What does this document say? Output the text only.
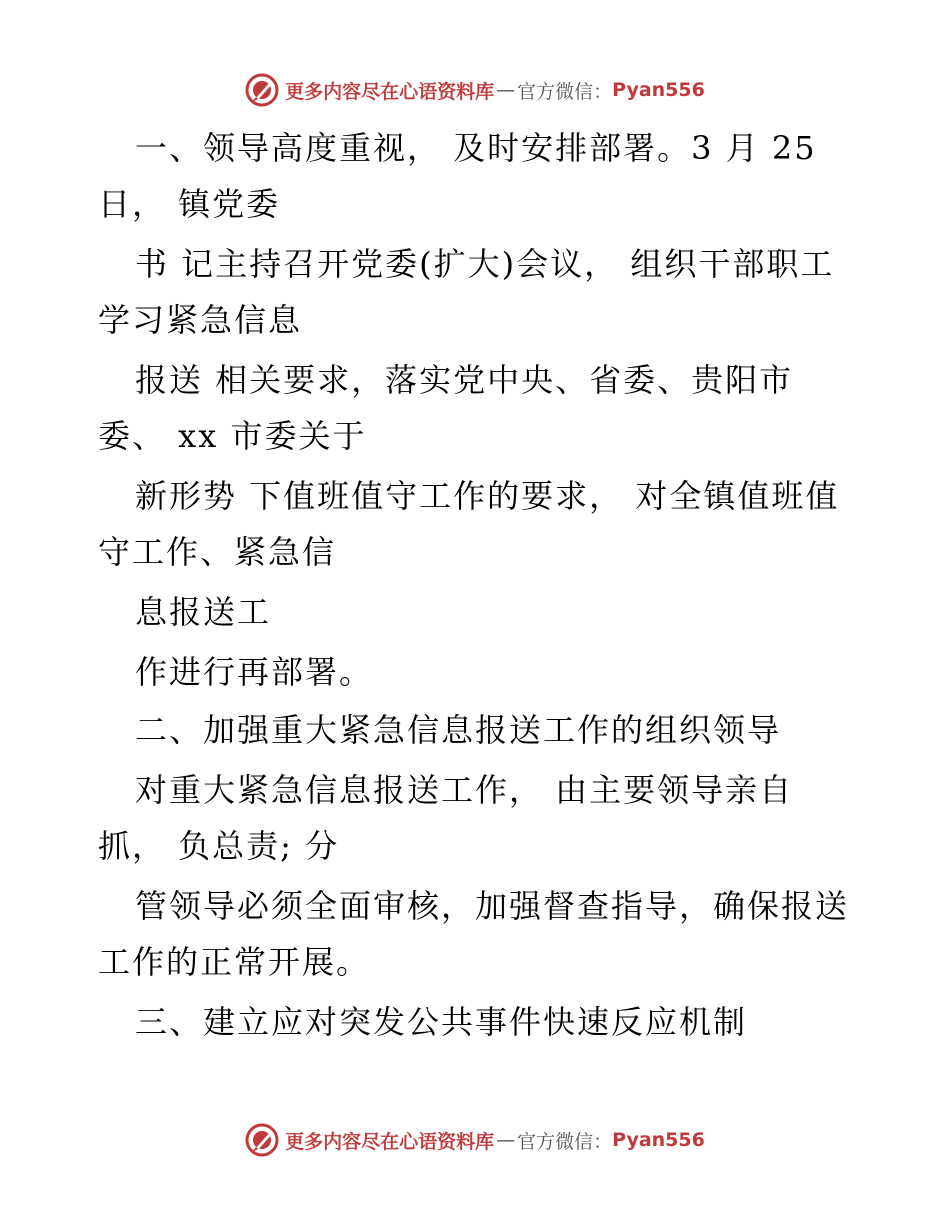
更多内容尽在心语资料库 — 官方微信： Pyan556
一、领导高度重视， 及时安排部署。3 月 25
日， 镇党委
书 记主持召开党委(扩大)会议， 组织干部职工
学习紧急信息
报送 相关要求，落实党中央、省委、贵阳市
委、 xx 市委关于
新形势 下值班值守工作的要求， 对全镇值班值
守工作、紧急信
息报送工
作进行再部署。
二、加强重大紧急信息报送工作的组织领导
对重大紧急信息报送工作， 由主要领导亲自
抓， 负总责; 分
管领导必须全面审核，加强督查指导，确保报送
工作的正常开展。
三、建立应对突发公共事件快速反应机制
更多内容尽在心语资料库 — 官方微信： Pyan556
